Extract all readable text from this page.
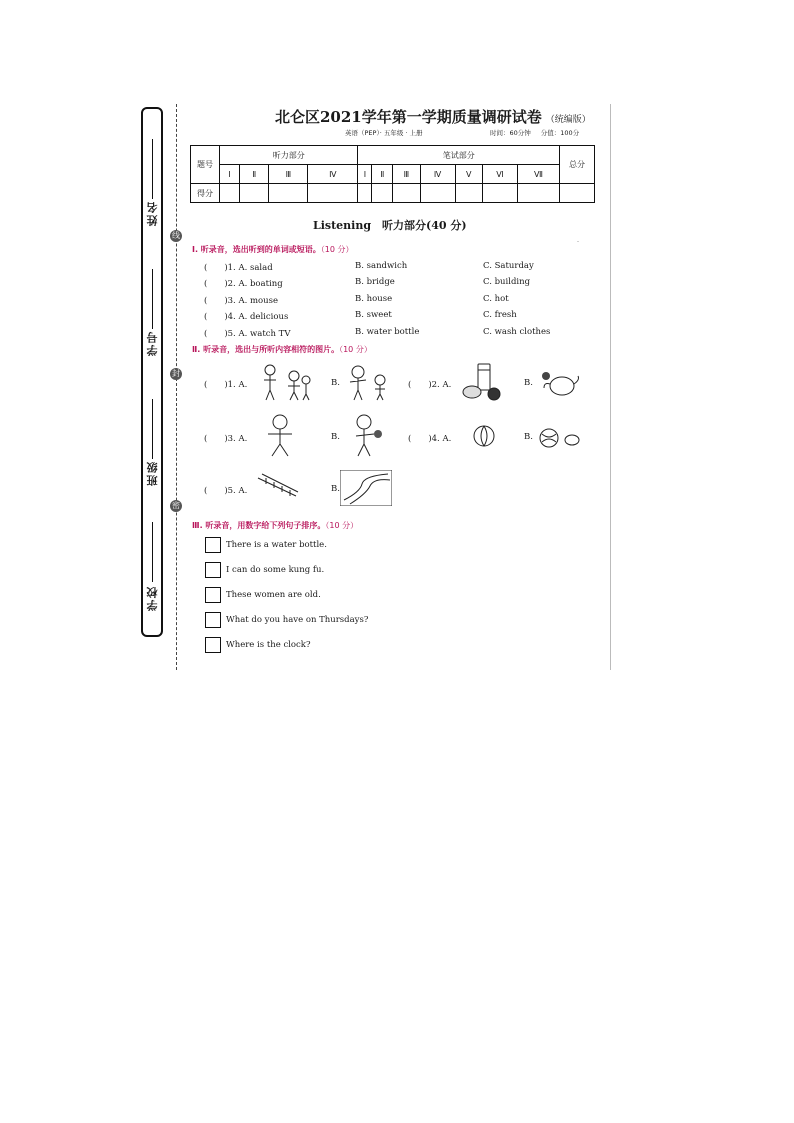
姓名
学号
班级
学校
线
封
密
北仑区2021学年第一学期质量调研试卷 （统编版）
英语（PEP）· 五年级 · 上册	时间：60分钟 分值：100分
题号	听力部分				笔试部分							总分
	Ⅰ	Ⅱ	Ⅲ	Ⅳ	Ⅰ	Ⅱ	Ⅲ	Ⅳ	Ⅴ	Ⅵ	Ⅶ	
得分												
Listening　听力部分(40 分)
Ⅰ. 听录音，选出听到的单词或短语。（10 分）
(　　)1. A. salad	B. sandwich	C. Saturday
(　　)2. A. boating	B. bridge	C. building
(　　)3. A. mouse	B. house	C. hot
(　　)4. A. delicious	B. sweet	C. fresh
(　　)5. A. watch TV	B. water bottle	C. wash clothes
-
Ⅱ. 听录音，选出与所听内容相符的图片。（10 分）
(　　)1. A.	B.	(　　)2. A.	B.
(　　)3. A.	B.	(　　)4. A.	B.
(　　)5. A.	B.
Ⅲ. 听录音，用数字给下列句子排序。（10 分）
There is a water bottle.
I can do some kung fu.
These women are old.
What do you have on Thursdays?
Where is the clock?
